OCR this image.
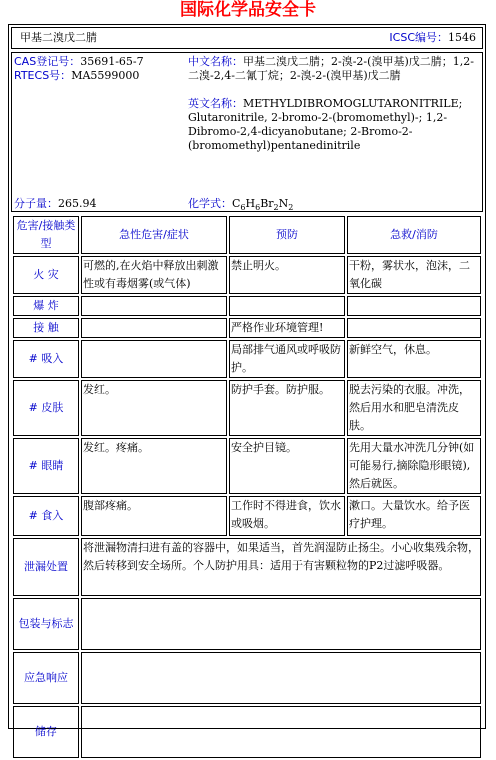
国际化学品安全卡
甲基二溴戊二腈	ICSC编号：1546
CAS登记号：35691-65-7
RTECS号：MA5599000
分子量：265.94
中文名称：甲基二溴戊二腈；2-溴-2-(溴甲基)戊二腈；1,2-二溴-2,4-二氰丁烷；2-溴-2-(溴甲基)戊二腈
英文名称：METHYLDIBROMOGLUTARONITRILE; Glutaronitrile, 2-bromo-2-(bromomethyl)-; 1,2-Dibromo-2,4-dicyanobutane; 2-Bromo-2-(bromomethyl)pentanedinitrile
化学式：$C_6H_6Br_2N_2$
危害/接触类型	急性危害/症状	预防	急救/消防
火 灾	可燃的,在火焰中释放出刺激性或有毒烟雾(或气体)	禁止明火。	干粉，雾状水，泡沫，二氧化碳
爆 炸			
接 触		严格作业环境管理!	
# 吸入		局部排气通风或呼吸防护。	新鲜空气，休息。
# 皮肤	发红。	防护手套。防护服。	脱去污染的衣服。冲洗，然后用水和肥皂清洗皮肤。
# 眼睛	发红。疼痛。	安全护目镜。	先用大量水冲洗几分钟(如可能易行,摘除隐形眼镜),然后就医。
# 食入	腹部疼痛。	工作时不得进食，饮水或吸烟。	漱口。大量饮水。给予医疗护理。
泄漏处置	将泄漏物清扫进有盖的容器中，如果适当，首先润湿防止扬尘。小心收集残余物，然后转移到安全场所。个人防护用具：适用于有害颗粒物的P2过滤呼吸器。		
包装与标志			
应急响应			
储存			
